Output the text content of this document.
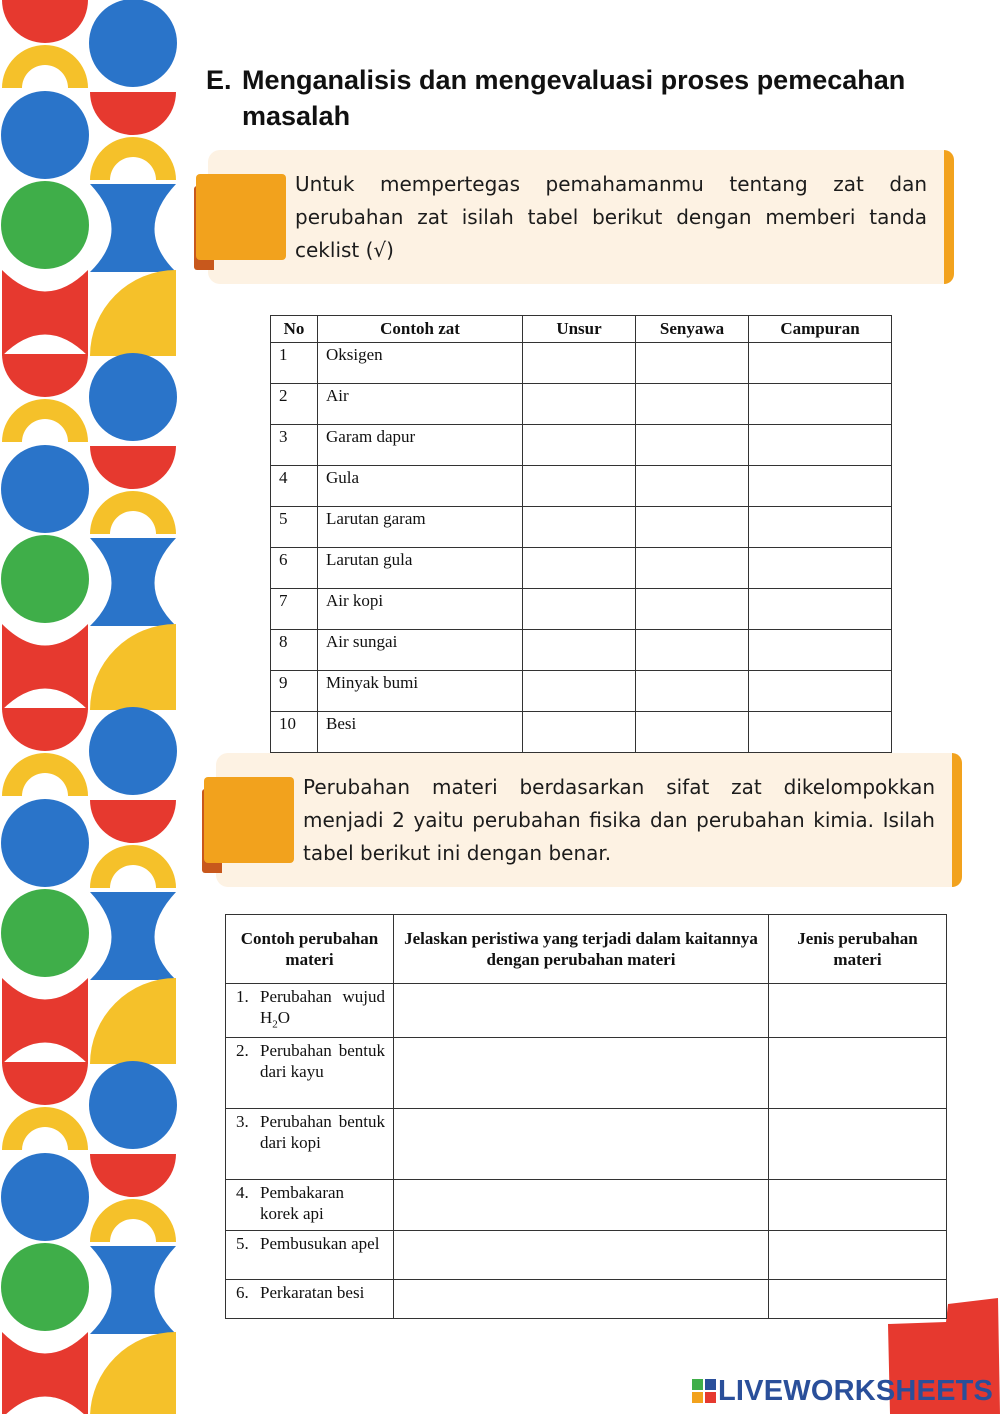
E. Menganalisis dan mengevaluasi proses pemecahan masalah
Untuk mempertegas pemahamanmu tentang zat dan perubahan zat isilah tabel berikut dengan memberi tanda ceklist (√)
No	Contoh zat	Unsur	Senyawa	Campuran
1	Oksigen			
2	Air			
3	Garam dapur			
4	Gula			
5	Larutan garam			
6	Larutan gula			
7	Air kopi			
8	Air sungai			
9	Minyak bumi			
10	Besi			
Perubahan materi berdasarkan sifat zat dikelompokkan menjadi 2 yaitu perubahan fisika dan perubahan kimia. Isilah tabel berikut ini dengan benar.
Contoh perubahan materi	Jelaskan peristiwa yang terjadi dalam kaitannya dengan perubahan materi	Jenis perubahan materi

1. Perubahan wujud $H_2O$		

2. Perubahan bentuk dari kayu		

3. Perubahan bentuk dari kopi		

4. Pembakaran korek api		

5. Pembusukan apel		

6. Perkaratan besi		

LIVEWORKSHEETS
